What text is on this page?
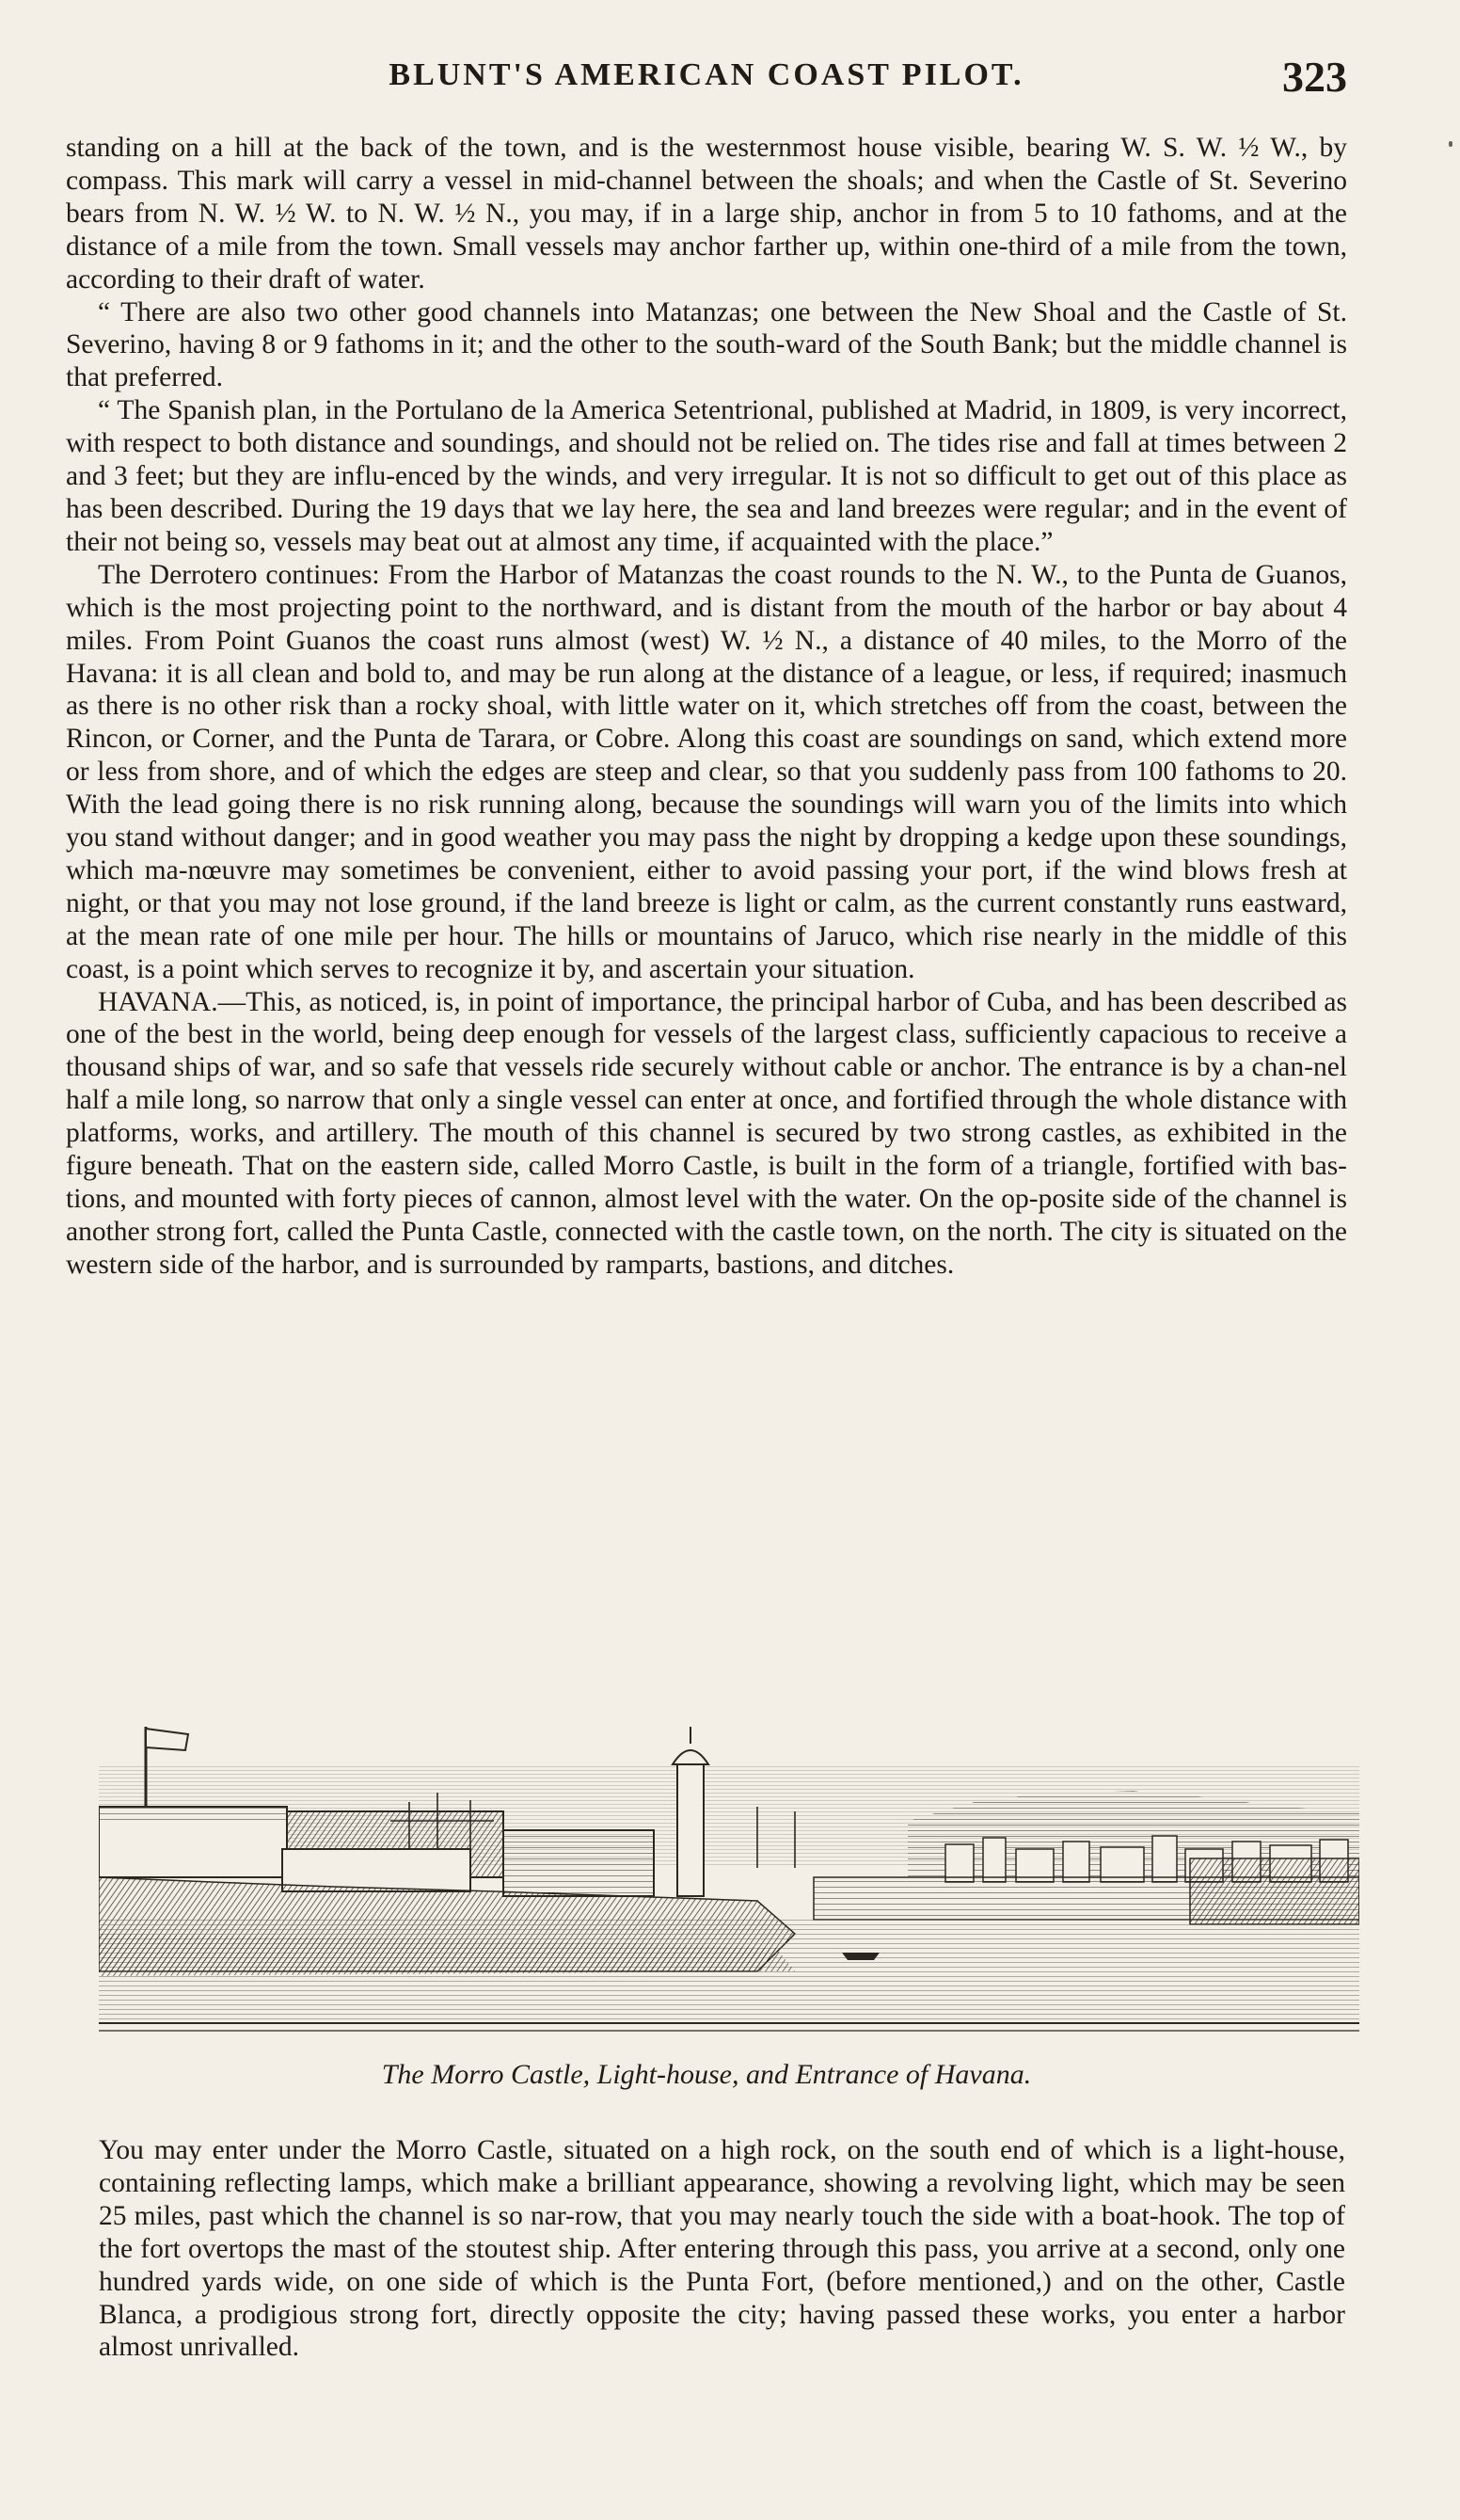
BLUNT'S AMERICAN COAST PILOT.	323

standing on a hill at the back of the town, and is the westernmost house visible, bearing W. S. W. ½ W., by compass. This mark will carry a vessel in mid-channel between the shoals; and when the Castle of St. Severino bears from N. W. ½ W. to N. W. ½ N., you may, if in a large ship, anchor in from 5 to 10 fathoms, and at the distance of a mile from the town. Small vessels may anchor farther up, within one-third of a mile from the town, according to their draft of water.

“ There are also two other good channels into Matanzas; one between the New Shoal and the Castle of St. Severino, having 8 or 9 fathoms in it; and the other to the south-ward of the South Bank; but the middle channel is that preferred.

“ The Spanish plan, in the Portulano de la America Setentrional, published at Madrid, in 1809, is very incorrect, with respect to both distance and soundings, and should not be relied on. The tides rise and fall at times between 2 and 3 feet; but they are influ-enced by the winds, and very irregular. It is not so difficult to get out of this place as has been described. During the 19 days that we lay here, the sea and land breezes were regular; and in the event of their not being so, vessels may beat out at almost any time, if acquainted with the place.”

The Derrotero continues: From the Harbor of Matanzas the coast rounds to the N. W., to the Punta de Guanos, which is the most projecting point to the northward, and is distant from the mouth of the harbor or bay about 4 miles. From Point Guanos the coast runs almost (west) W. ½ N., a distance of 40 miles, to the Morro of the Havana: it is all clean and bold to, and may be run along at the distance of a league, or less, if required; inasmuch as there is no other risk than a rocky shoal, with little water on it, which stretches off from the coast, between the Rincon, or Corner, and the Punta de Tarara, or Cobre. Along this coast are soundings on sand, which extend more or less from shore, and of which the edges are steep and clear, so that you suddenly pass from 100 fathoms to 20. With the lead going there is no risk running along, because the soundings will warn you of the limits into which you stand without danger; and in good weather you may pass the night by dropping a kedge upon these soundings, which ma-nœuvre may sometimes be convenient, either to avoid passing your port, if the wind blows fresh at night, or that you may not lose ground, if the land breeze is light or calm, as the current constantly runs eastward, at the mean rate of one mile per hour. The hills or mountains of Jaruco, which rise nearly in the middle of this coast, is a point which serves to recognize it by, and ascertain your situation.

HAVANA.—This, as noticed, is, in point of importance, the principal harbor of Cuba, and has been described as one of the best in the world, being deep enough for vessels of the largest class, sufficiently capacious to receive a thousand ships of war, and so safe that vessels ride securely without cable or anchor. The entrance is by a chan-nel half a mile long, so narrow that only a single vessel can enter at once, and fortified through the whole distance with platforms, works, and artillery. The mouth of this channel is secured by two strong castles, as exhibited in the figure beneath. That on the eastern side, called Morro Castle, is built in the form of a triangle, fortified with bas-tions, and mounted with forty pieces of cannon, almost level with the water. On the op-posite side of the channel is another strong fort, called the Punta Castle, connected with the castle town, on the north. The city is situated on the western side of the harbor, and is surrounded by ramparts, bastions, and ditches.

The Morro Castle, Light-house, and Entrance of Havana.

You may enter under the Morro Castle, situated on a high rock, on the south end of which is a light-house, containing reflecting lamps, which make a brilliant appearance, showing a revolving light, which may be seen 25 miles, past which the channel is so nar-row, that you may nearly touch the side with a boat-hook. The top of the fort overtops the mast of the stoutest ship. After entering through this pass, you arrive at a second, only one hundred yards wide, on one side of which is the Punta Fort, (before mentioned,) and on the other, Castle Blanca, a prodigious strong fort, directly opposite the city; having passed these works, you enter a harbor almost unrivalled.
